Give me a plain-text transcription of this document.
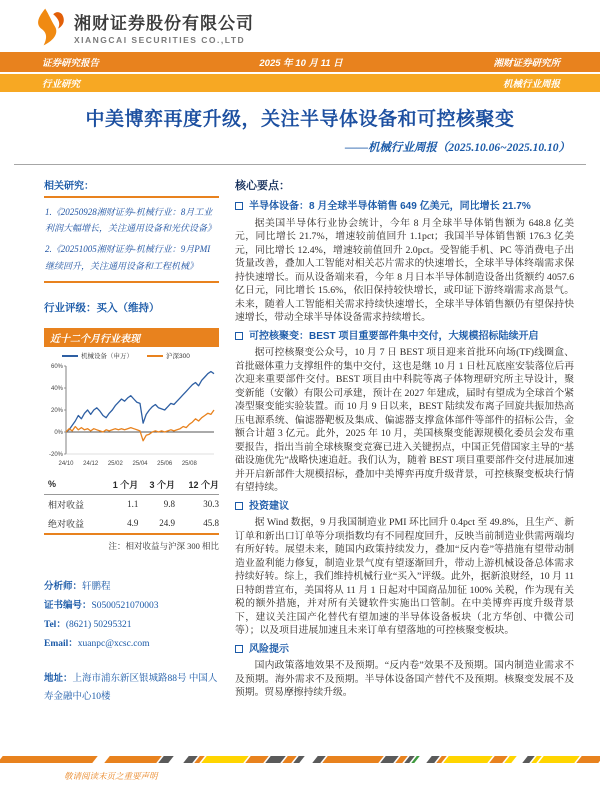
湘财证券股份有限公司
XIANGCAI SECURITIES CO.,LTD
证券研究报告	2025 年 10 月 11 日	湘财证券研究所
行业研究	机械行业周报
中美博弈再度升级，关注半导体设备和可控核聚变
——机械行业周报（2025.10.06~2025.10.10）
相关研究：

1.《20250928湘财证券-机械行业：8月工业利润大幅增长，关注通用设备和光伏设备》

2.《20251005湘财证券-机械行业：9月PMI继续回升，关注通用设备和工程机械》

行业评级：买入（维持）
近十二个月行业表现
机械设备（申万）	沪深300
60%
40%
20%
0%
-20%
24/10 24/12 25/02 25/04 25/06 25/08
%	1 个月	3 个月	12 个月
相对收益	1.1	9.8	30.3
绝对收益	4.9	24.9	45.8
注：相对收益与沪深 300 相比
分析师：轩鹏程
证书编号：S0500521070003
Tel：(8621) 50295321
Email：xuanpc@xcsc.com
地址：上海市浦东新区银城路88号 中国人寿金融中心10楼
核心要点：
半导体设备：8 月全球半导体销售 649 亿美元，同比增长 21.7%

据美国半导体行业协会统计，今年 8 月全球半导体销售额为 648.8 亿美元，同比增长 21.7%，增速较前值回升 1.1pct；我国半导体销售额 176.3 亿美元，同比增长 12.4%，增速较前值回升 2.0pct。受智能手机、PC 等消费电子出货量改善，叠加人工智能对相关芯片需求的快速增长，全球半导体终端需求保持快速增长。而从设备端来看，今年 8 月日本半导体制造设备出货额约 4057.6 亿日元，同比增长 15.6%，依旧保持较快增长，或印证下游终端需求高景气。未来，随着人工智能相关需求持续快速增长，全球半导体销售额仍有望保持快速增长，带动全球半导体设备需求持续增长。

可控核聚变：BEST 项目重要部件集中交付，大规模招标陆续开启

据可控核聚变公众号，10 月 7 日 BEST 项目迎来首批环向场(TF)线圈盒、首批磁体重力支撑组件的集中交付，这也是继 10 月 1 日杜瓦底座安装落位后再次迎来重要部件交付。BEST 项目由中科院等离子体物理研究所主导设计，聚变新能（安徽）有限公司承建，预计在 2027 年建成，届时有望成为全球首个紧凑型聚变能实验装置。而 10 月 9 日以来，BEST 陆续发布离子回旋共振加热高压电源系统、偏滤器靶板及集成、偏滤器支撑盒体部件等部件的招标公告，金额合计超 3 亿元。此外，2025 年 10 月，美国核聚变能源规模化委员会发布重要报告，指出当前全球核聚变竞赛已进入关键拐点，中国正凭借国家主导的“基础设施优先”战略快速追赶。我们认为，随着 BEST 项目重要部件交付进展加速并开启新部件大规模招标，叠加中美博弈再度升级背景，可控核聚变板块行情有望持续。

投资建议

据 Wind 数据，9 月我国制造业 PMI 环比回升 0.4pct 至 49.8%，且生产、新订单和新出口订单等分项指数均有不同程度回升，反映当前制造业供需两端均有所好转。展望未来，随国内政策持续发力，叠加“反内卷”等措施有望带动制造业盈利能力修复，制造业景气度有望逐渐回升，带动上游机械设备总体需求持续好转。综上，我们维持机械行业“买入”评级。此外，据新浪财经，10 月 11 日特朗普宣布，美国将从 11 月 1 日起对中国商品加征 100% 关税，作为现有关税的额外措施，并对所有关键软件实施出口管制。在中美博弈再度升级背景下，建议关注国产化替代有望加速的半导体设备板块（北方华创、中微公司等）；以及项目进展加速且未来订单有望落地的可控核聚变板块。

风险提示

国内政策落地效果不及预期。“反内卷”效果不及预期。国内制造业需求不及预期。海外需求不及预期。半导体设备国产替代不及预期。核聚变发展不及预期。贸易摩擦持续升级。

敬请阅读末页之重要声明
